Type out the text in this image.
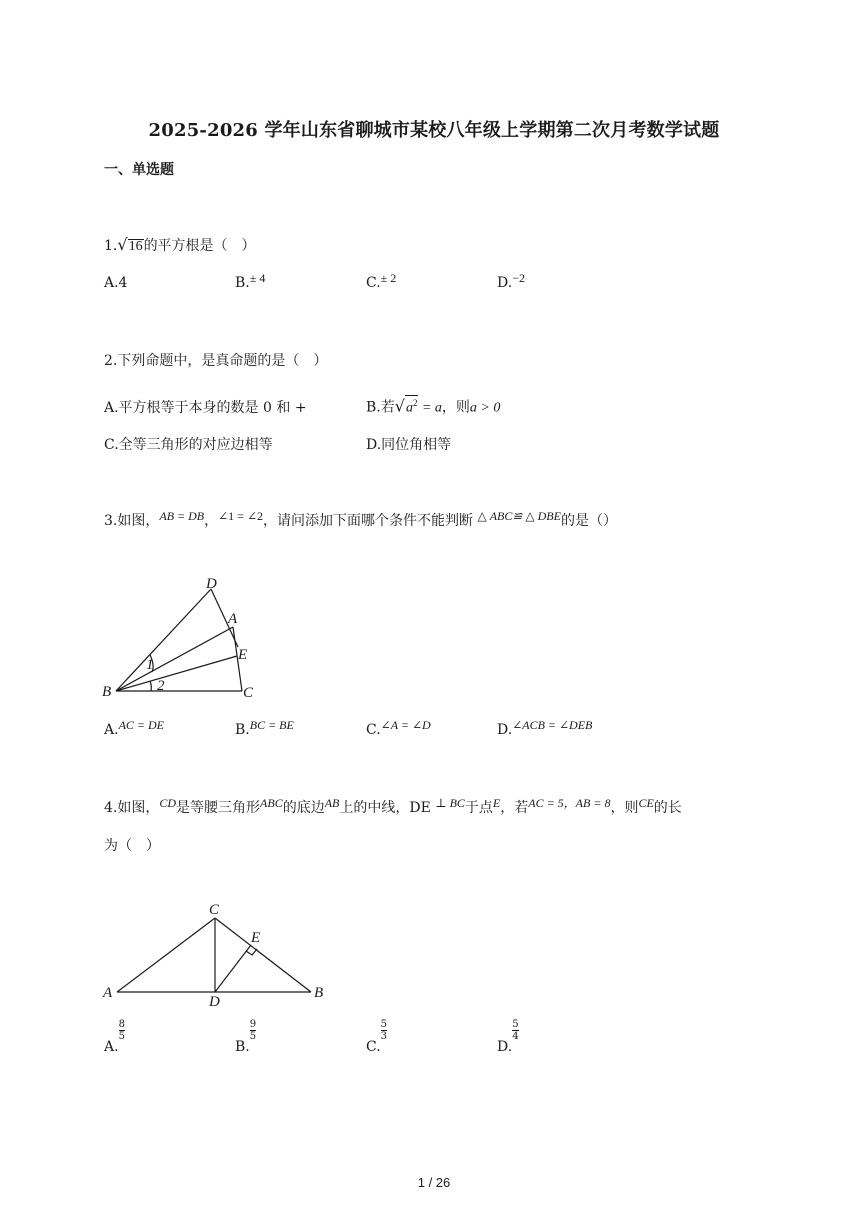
2025-2026 学年山东省聊城市某校八年级上学期第二次月考数学试题
一、单选题
1.√16的平方根是（　）
A.4	B.± 4	C.± 2	D.−2
2.下列命题中，是真命题的是（　）
A.平方根等于本身的数是 0 和 +	B.若$√a^2 = a$，则a > 0
C.全等三角形的对应边相等	D.同位角相等
3.如图，AB = DB，∠1 = ∠2，请问添加下面哪个条件不能判断 △ ABC≌ △ DBE的是（）
D
A
E
B	C
1
2
A.AC = DE	B.BC = BE	C.∠A = ∠D	D.∠ACB = ∠DEB
4.如图，CD是等腰三角形ABC的底边AB上的中线，DE ⊥ BC于点E，若AC = 5，AB = 8，则CE的长
为（　）
C
E
A
D
B
A.
$\frac{8}{5}$
B.
$\frac{9}{5}$
C.
$\frac{5}{3}$
D.
$\frac{5}{4}$
1 / 26
